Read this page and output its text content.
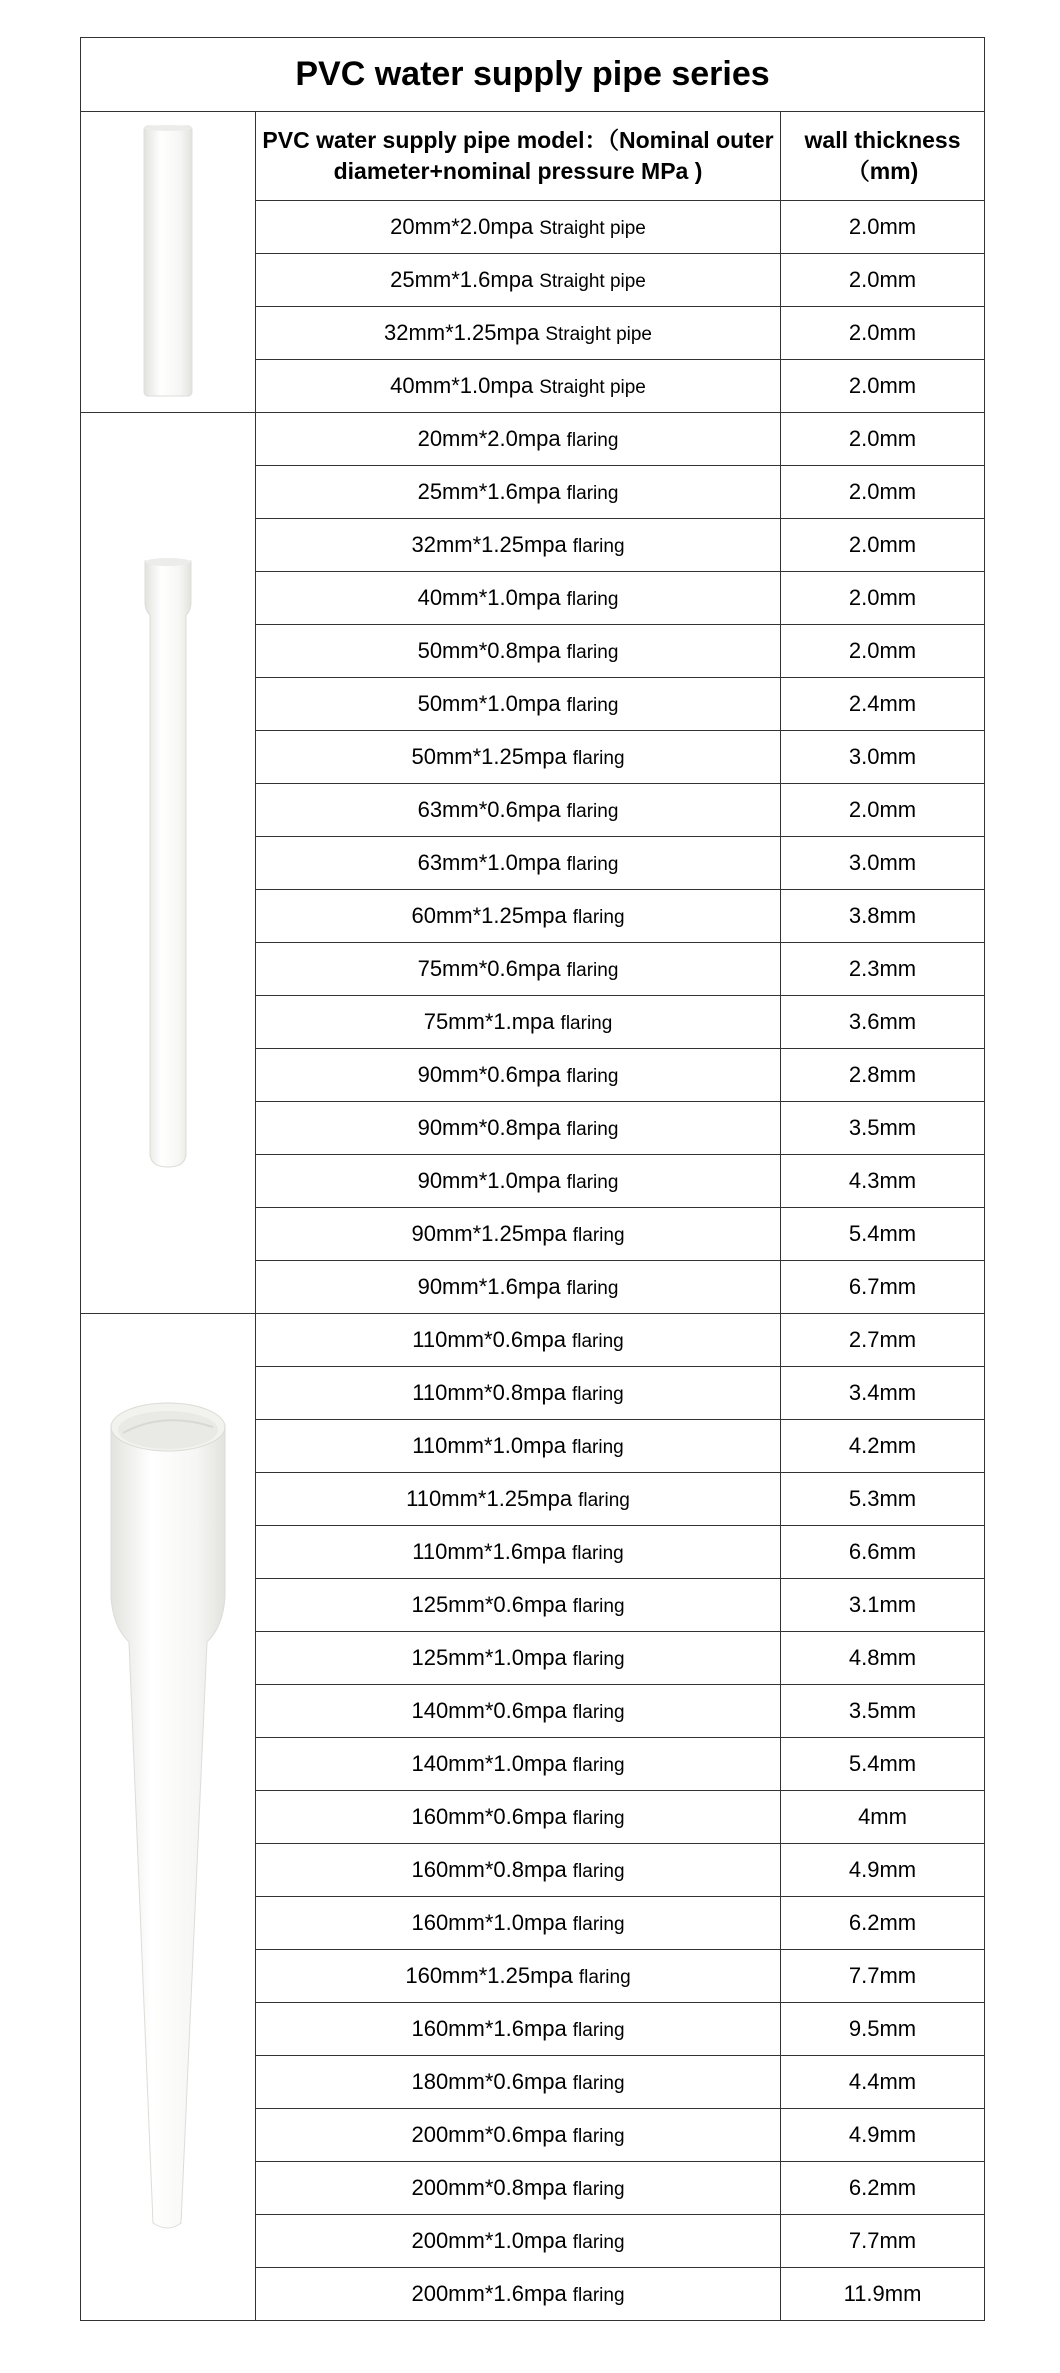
PVC water supply pipe series		

	PVC water supply pipe model：（Nominal outer diameter+nominal pressure MPa )	wall thickness （mm)
	20mm*2.0mpa Straight pipe	2.0mm
	25mm*1.6mpa Straight pipe	2.0mm
	32mm*1.25mpa Straight pipe	2.0mm
	40mm*1.0mpa Straight pipe	2.0mm

	20mm*2.0mpa flaring	2.0mm
	25mm*1.6mpa flaring	2.0mm
	32mm*1.25mpa flaring	2.0mm
	40mm*1.0mpa flaring	2.0mm
	50mm*0.8mpa flaring	2.0mm
	50mm*1.0mpa flaring	2.4mm
	50mm*1.25mpa flaring	3.0mm
	63mm*0.6mpa flaring	2.0mm
	63mm*1.0mpa flaring	3.0mm
	60mm*1.25mpa flaring	3.8mm
	75mm*0.6mpa flaring	2.3mm
	75mm*1.mpa flaring	3.6mm
	90mm*0.6mpa flaring	2.8mm
	90mm*0.8mpa flaring	3.5mm
	90mm*1.0mpa flaring	4.3mm
	90mm*1.25mpa flaring	5.4mm
	90mm*1.6mpa flaring	6.7mm

	110mm*0.6mpa flaring	2.7mm
	110mm*0.8mpa flaring	3.4mm
	110mm*1.0mpa flaring	4.2mm
	110mm*1.25mpa flaring	5.3mm
	110mm*1.6mpa flaring	6.6mm
	125mm*0.6mpa flaring	3.1mm
	125mm*1.0mpa flaring	4.8mm
	140mm*0.6mpa flaring	3.5mm
	140mm*1.0mpa flaring	5.4mm
	160mm*0.6mpa flaring	4mm
	160mm*0.8mpa flaring	4.9mm
	160mm*1.0mpa flaring	6.2mm
	160mm*1.25mpa flaring	7.7mm
	160mm*1.6mpa flaring	9.5mm
	180mm*0.6mpa flaring	4.4mm
	200mm*0.6mpa flaring	4.9mm
	200mm*0.8mpa flaring	6.2mm
	200mm*1.0mpa flaring	7.7mm
	200mm*1.6mpa flaring	11.9mm
